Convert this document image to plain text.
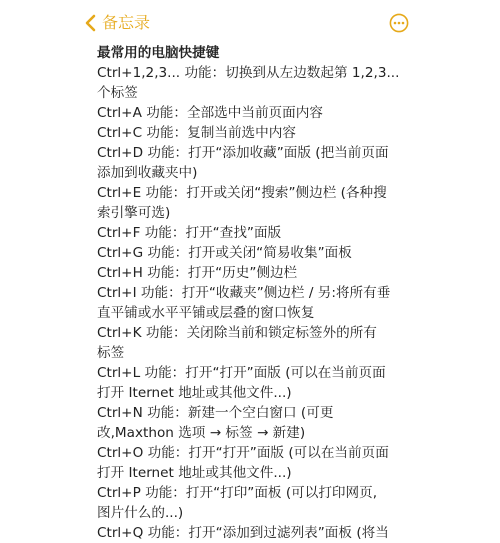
备忘录

最常用的电脑快捷键

Ctrl+1,2,3... 功能：切换到从左边数起第 1,2,3...

个标签

Ctrl+A 功能：全部选中当前页面内容

Ctrl+C 功能：复制当前选中内容

Ctrl+D 功能：打开“添加收藏”面版 (把当前页面

添加到收藏夹中)

Ctrl+E 功能：打开或关闭“搜索”侧边栏 (各种搜

索引擎可选)

Ctrl+F 功能：打开“查找”面版

Ctrl+G 功能：打开或关闭“简易收集”面板

Ctrl+H 功能：打开“历史”侧边栏

Ctrl+I 功能：打开“收藏夹”侧边栏 / 另:将所有垂

直平铺或水平平铺或层叠的窗口恢复

Ctrl+K 功能：关闭除当前和锁定标签外的所有

标签

Ctrl+L 功能：打开“打开”面版 (可以在当前页面

打开 Iternet 地址或其他文件...)

Ctrl+N 功能：新建一个空白窗口 (可更

改,Maxthon 选项 → 标签 → 新建)

Ctrl+O 功能：打开“打开”面版 (可以在当前页面

打开 Iternet 地址或其他文件...)

Ctrl+P 功能：打开“打印”面板 (可以打印网页,

图片什么的...)

Ctrl+Q 功能：打开“添加到过滤列表”面板 (将当
